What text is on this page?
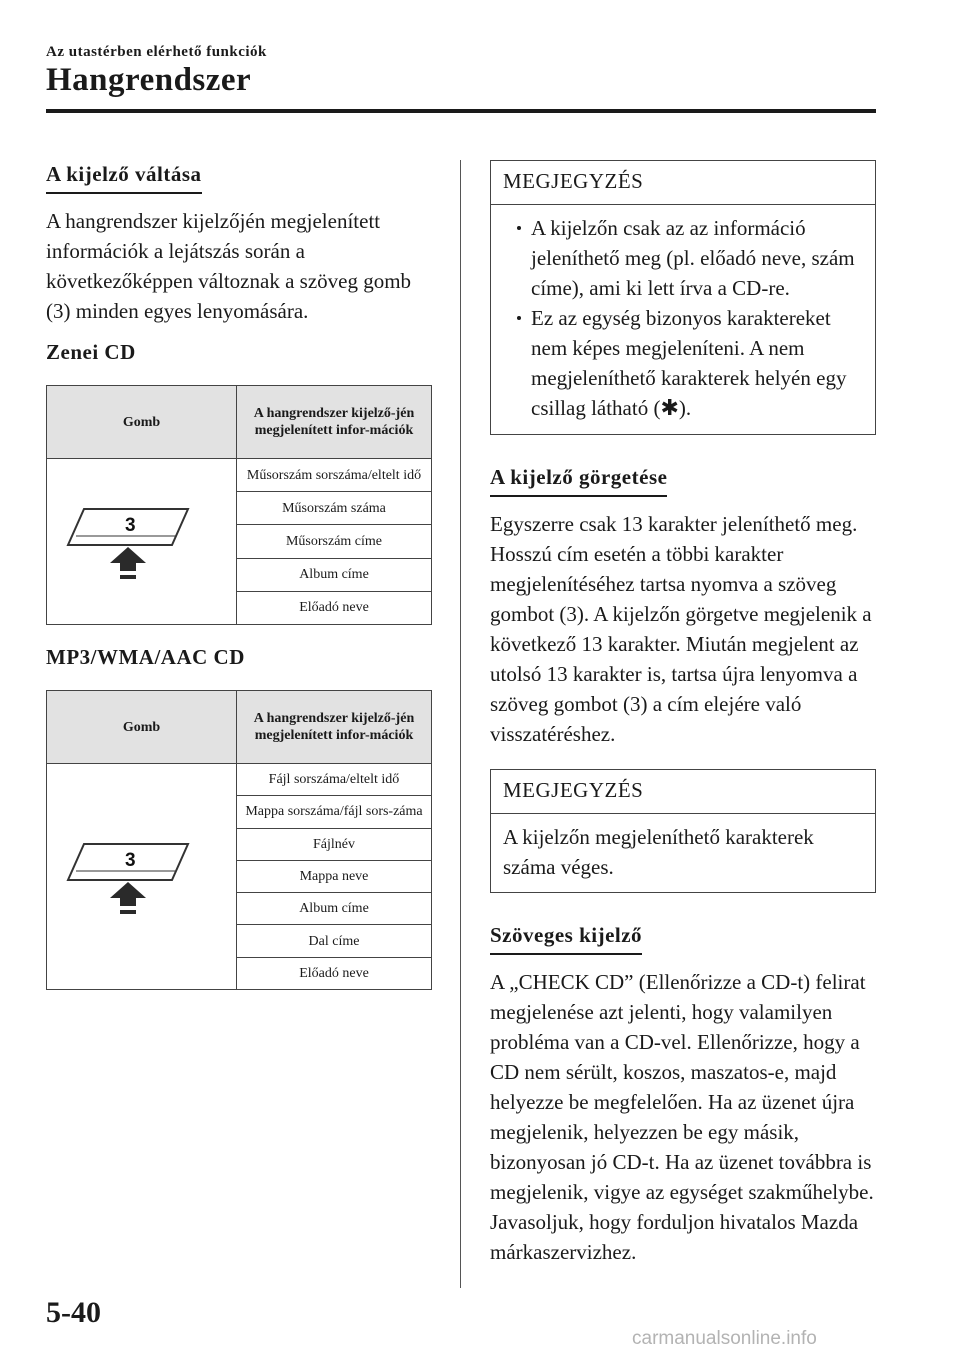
Az utastérben elérhető funkciók
Hangrendszer
A kijelző váltása

A hangrendszer kijelzőjén megjelenített információk a lejátszás során a következőképpen változnak a szöveg gomb (3) minden egyes lenyomására.

Zenei CD
Gomb	A hangrendszer kijelző-jén megjelenített infor-mációk

3	Műsorszám sorszáma/eltelt idő
	Műsorszám száma
	Műsorszám címe
	Album címe
	Előadó neve
MP3/WMA/AAC CD
Gomb	A hangrendszer kijelző-jén megjelenített infor-mációk

3	Fájl sorszáma/eltelt idő
	Mappa sorszáma/fájl sors-záma
	Fájlnév
	Mappa neve
	Album címe
	Dal címe
	Előadó neve
MEGJEGYZÉS
A kijelzőn csak az az információ jeleníthető meg (pl. előadó neve, szám címe), ami ki lett írva a CD-re.
Ez az egység bizonyos karaktereket nem képes megjeleníteni. A nem megjeleníthető karakterek helyén egy csillag látható (✱).
A kijelző görgetése

Egyszerre csak 13 karakter jeleníthető meg. Hosszú cím esetén a többi karakter megjelenítéséhez tartsa nyomva a szöveg gombot (3). A kijelzőn görgetve megjelenik a következő 13 karakter. Miután megjelent az utolsó 13 karakter is, tartsa újra lenyomva a szöveg gombot (3) a cím elejére való visszatéréshez.

MEGJEGYZÉS

A kijelzőn megjeleníthető karakterek száma véges.

Szöveges kijelző

A „CHECK CD” (Ellenőrizze a CD-t) felirat megjelenése azt jelenti, hogy valamilyen probléma van a CD-vel. Ellenőrizze, hogy a CD nem sérült, koszos, maszatos-e, majd helyezze be megfelelően. Ha az üzenet újra megjelenik, helyezzen be egy másik, bizonyosan jó CD-t. Ha az üzenet továbbra is megjelenik, vigye az egységet szakműhelybe. Javasoljuk, hogy forduljon hivatalos Mazda márkaszervizhez.

5-40
carmanualsonline.info
